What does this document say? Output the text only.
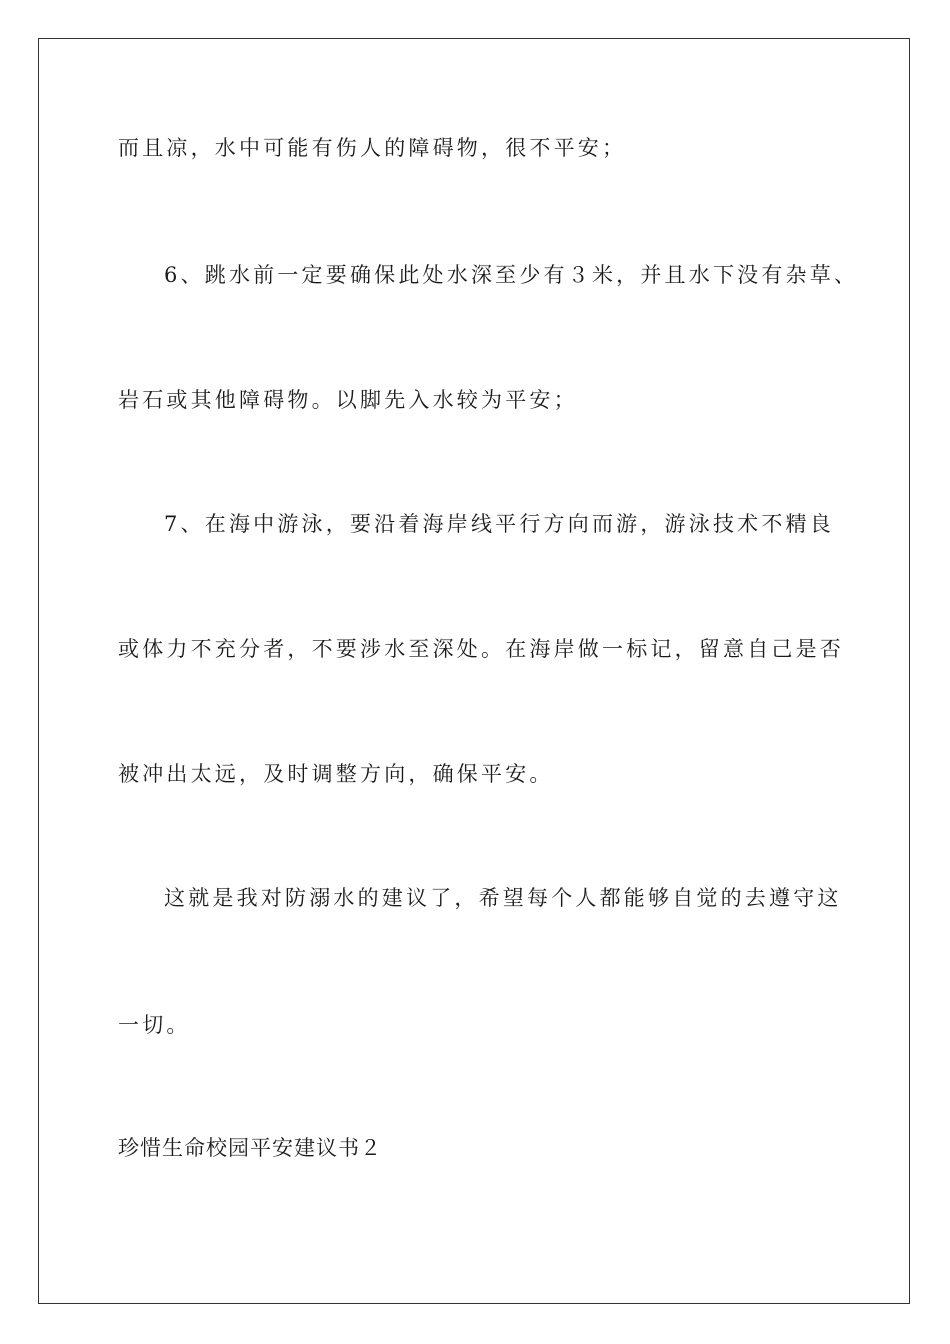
而且凉，水中可能有伤人的障碍物，很不平安；
6、跳水前一定要确保此处水深至少有３米，并且水下没有杂草、
岩石或其他障碍物。以脚先入水较为平安；
7、在海中游泳，要沿着海岸线平行方向而游，游泳技术不精良
或体力不充分者，不要涉水至深处。在海岸做一标记，留意自己是否
被冲出太远，及时调整方向，确保平安。
这就是我对防溺水的建议了，希望每个人都能够自觉的去遵守这
一切。
珍惜生命校园平安建议书２
